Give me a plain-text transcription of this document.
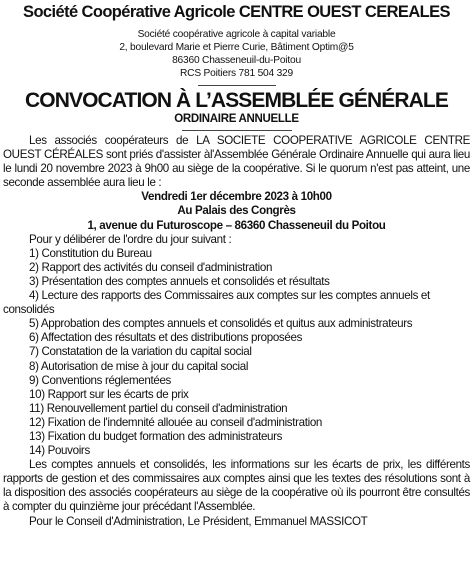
Société Coopérative Agricole CENTRE OUEST CEREALES
Société coopérative agricole à capital variable
2, boulevard Marie et Pierre Curie, Bâtiment Optim@5
86360 Chasseneuil-du-Poitou
RCS Poitiers 781 504 329
CONVOCATION À L’ASSEMBLÉE GÉNÉRALE
ORDINAIRE ANNUELLE

Les associés coopérateurs de LA SOCIETE COOPERATIVE AGRICOLE CENTRE OUEST CÉRÉALES sont priés d'assister àl'Assemblée Générale Ordinaire Annuelle qui aura lieu le lundi 20 novembre 2023 à 9h00 au siège de la coopérative. Si le quorum n'est pas atteint, une seconde assemblée aura lieu le :

Vendredi 1er décembre 2023 à 10h00

Au Palais des Congrès

1, avenue du Futuroscope – 86360 Chasseneuil du Poitou

Pour y délibérer de l'ordre du jour suivant :

1) Constitution du Bureau
2) Rapport des activités du conseil d'administration
3) Présentation des comptes annuels et consolidés et résultats
4) Lecture des rapports des Commissaires aux comptes sur les comptes annuels et consolidés
5) Approbation des comptes annuels et consolidés et quitus aux administrateurs
6) Affectation des résultats et des distributions proposées
7) Constatation de la variation du capital social
8) Autorisation de mise à jour du capital social
9) Conventions réglementées
10) Rapport sur les écarts de prix
11) Renouvellement partiel du conseil d'administration
12) Fixation de l'indemnité allouée au conseil d'administration
13) Fixation du budget formation des administrateurs
14) Pouvoirs

Les comptes annuels et consolidés, les informations sur les écarts de prix, les différents rapports de gestion et des commissaires aux comptes ainsi que les textes des résolutions sont à la disposition des associés coopérateurs au siège de la coopérative où ils pourront être consultés à compter du quinzième jour précédant l'Assemblée.

Pour le Conseil d'Administration, Le Président, Emmanuel MASSICOT
